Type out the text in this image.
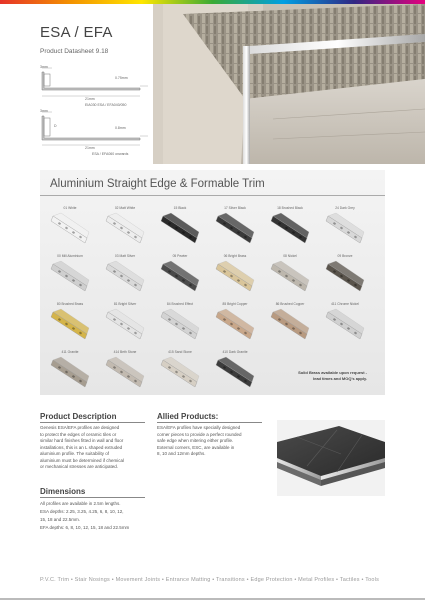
ESA / EFA
Product Datasheet 9.18
3mm
0.75mm
21mm
EIA030 ESA / EFA040/050
3mm
D	0.8mm
21mm
ESA / EFA060 onwards
Aluminium Straight Edge & Formable Trim
01 White	02 Matt White	15 Black	17 Silver Black	18 Brushed Black	24 Dark Grey
00 Mill Aluminium	03 Matt Silver	05 Pewter	06 Bright Brass	08 Nickel	09 Bronze
80 Brushed Brass	81 Bright Silver	84 Brushed Effect	85 Bright Copper	86 Brushed Copper	411 Chrome Nickel
411 Granite	414 Beth Stone	415 Sand Stone	410 Dark Granite
Solid Brass available upon request -
lead times and MOQ's apply.
Product Description
Genesis ESA/EFA profiles are designed
to protect the edges of ceramic tiles or
similar hard finishes fitted in wall and floor
installations, this is an L shaped extruded
aluminium profile. The suitability of
aluminium must be determined if chemical
or mechanical stresses are anticipated.
Allied Products:
ESA/EFA profiles have specially designed
corner pieces to provide a perfect rounded
safe edge when mitering either profile.
External corners, ESC, are available in
8, 10 and 12mm depths.
Dimensions
All profiles are available in 2.5m lengths.
ESA depths: 2.25, 3.25, 4.25, 6, 8, 10, 12,
15, 18 and 22.5mm.
EFA depths: 6, 8, 10, 12, 15, 18 and 22.5mm
P.V.C. Trim • Stair Nosings • Movement Joints • Entrance Matting • Transitions • Edge Protection • Metal Profiles • Tactiles • Tools
